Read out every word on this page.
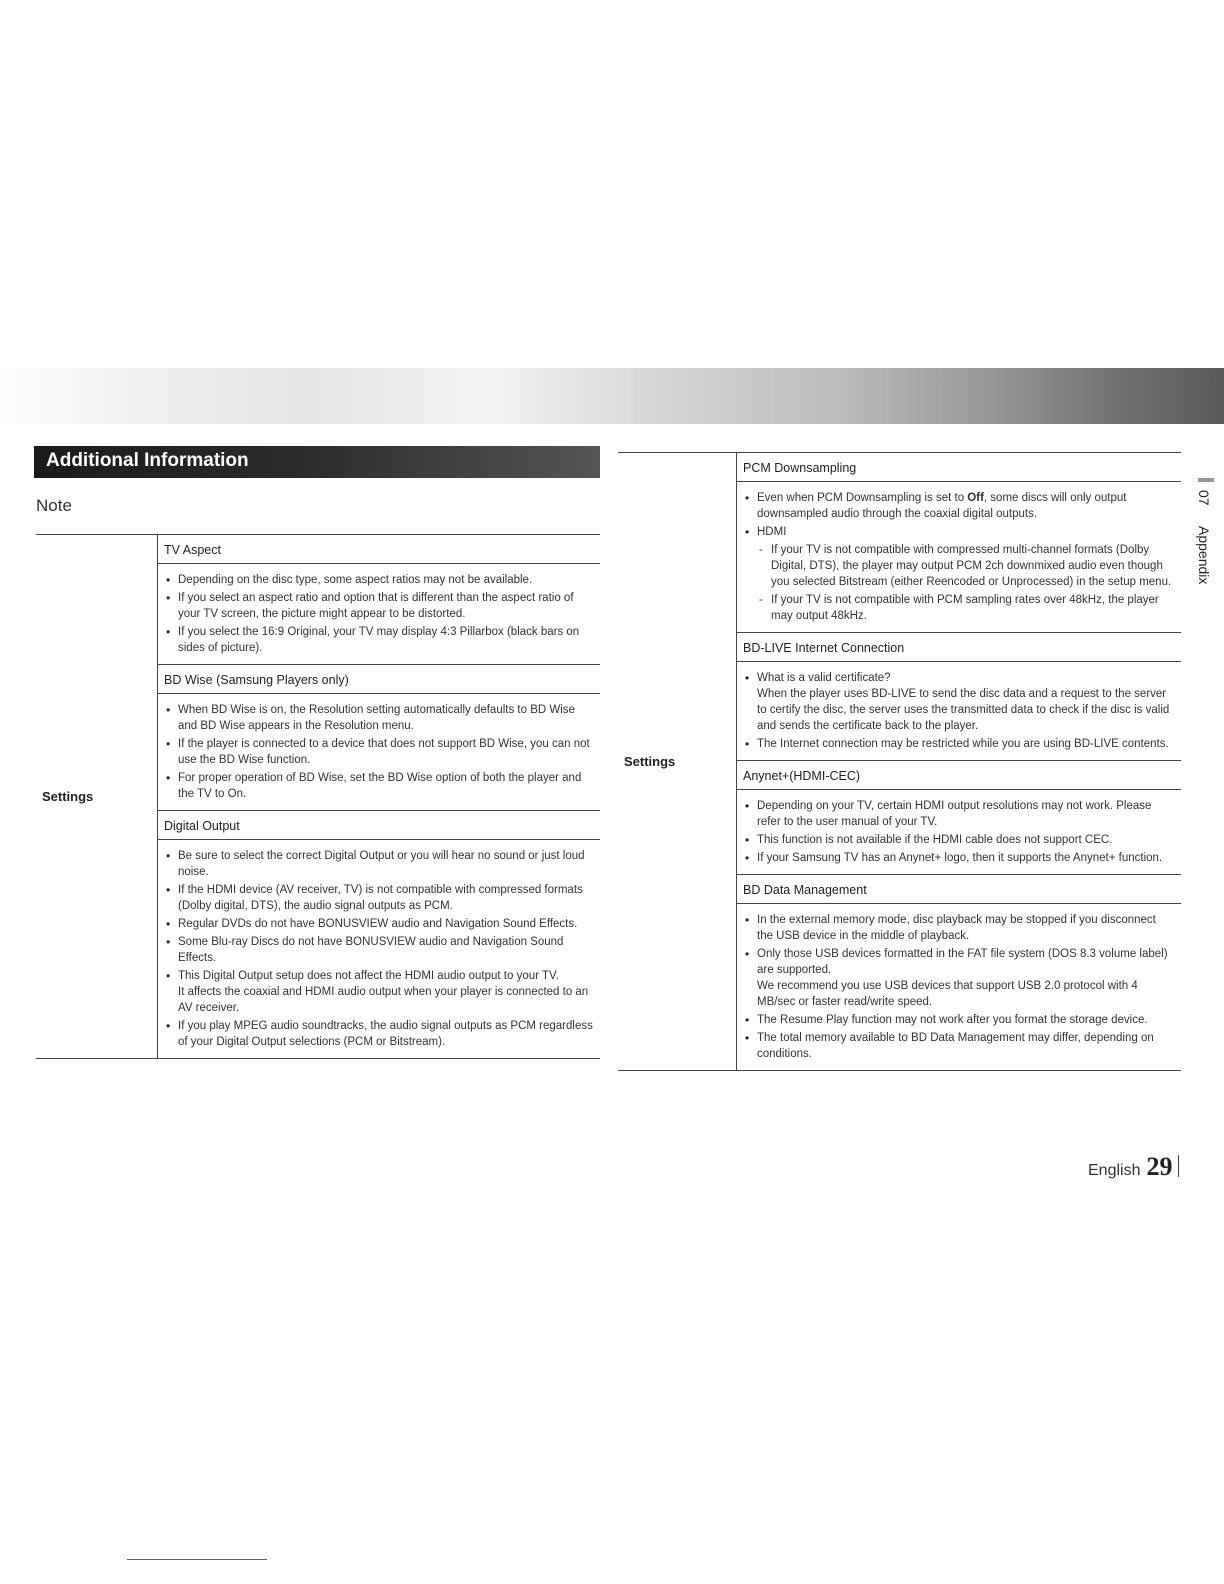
Additional Information
Note
Settings	
TV Aspect
• Depending on the disc type, some aspect ratios may not be available.
• If you select an aspect ratio and option that is different than the aspect ratio of your TV screen, the picture might appear to be distorted.
• If you select the 16:9 Original, your TV may display 4:3 Pillarbox (black bars on sides of picture).
BD Wise (Samsung Players only)
• When BD Wise is on, the Resolution setting automatically defaults to BD Wise and BD Wise appears in the Resolution menu.
• If the player is connected to a device that does not support BD Wise, you can not use the BD Wise function.
• For proper operation of BD Wise, set the BD Wise option of both the player and the TV to On.
Digital Output
• Be sure to select the correct Digital Output or you will hear no sound or just loud noise.
• If the HDMI device (AV receiver, TV) is not compatible with compressed formats (Dolby digital, DTS), the audio signal outputs as PCM.
• Regular DVDs do not have BONUSVIEW audio and Navigation Sound Effects.
• Some Blu-ray Discs do not have BONUSVIEW audio and Navigation Sound Effects.
• This Digital Output setup does not affect the HDMI audio output to your TV.
It affects the coaxial and HDMI audio output when your player is connected to an AV receiver.
• If you play MPEG audio soundtracks, the audio signal outputs as PCM regardless of your Digital Output selections (PCM or Bitstream).
Settings	
PCM Downsampling
• Even when PCM Downsampling is set to Off, some discs will only output downsampled audio through the coaxial digital outputs.
• HDMI
- If your TV is not compatible with compressed multi-channel formats (Dolby Digital, DTS), the player may output PCM 2ch downmixed audio even though you selected Bitstream (either Reencoded or Unprocessed) in the setup menu.
- If your TV is not compatible with PCM sampling rates over 48kHz, the player may output 48kHz.
BD-LIVE Internet Connection
• What is a valid certificate?
When the player uses BD-LIVE to send the disc data and a request to the server to certify the disc, the server uses the transmitted data to check if the disc is valid and sends the certificate back to the player.
• The Internet connection may be restricted while you are using BD-LIVE contents.
Anynet+(HDMI-CEC)
• Depending on your TV, certain HDMI output resolutions may not work. Please refer to the user manual of your TV.
• This function is not available if the HDMI cable does not support CEC.
• If your Samsung TV has an Anynet+ logo, then it supports the Anynet+ function.
BD Data Management
• In the external memory mode, disc playback may be stopped if you disconnect the USB device in the middle of playback.
• Only those USB devices formatted in the FAT file system (DOS 8.3 volume label) are supported.
We recommend you use USB devices that support USB 2.0 protocol with 4 MB/sec or faster read/write speed.
• The Resume Play function may not work after you format the storage device.
• The total memory available to BD Data Management may differ, depending on conditions.
07
Appendix
English 29
